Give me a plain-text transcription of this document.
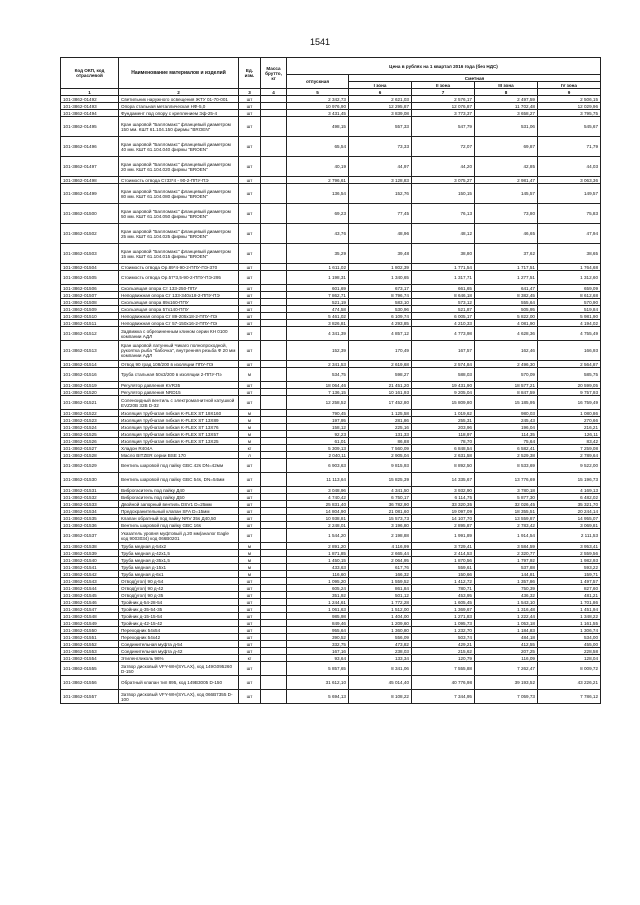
1541
Код ОКП, код отраслевой	Наименование материалов и изделий	Ед. изм.	Масса брутто, кг	Цена в рублях на 1 квартал 2016 года (без НДС)				
				отпускная	Сметная			
					I зона	II зона	III зона	IV зона
1	2	3	4	5	6	7	8	9
101-3862-01492	Светильник наружного освещения ЖТУ 01-70-001	шт		2 342,73	2 621,03	2 576,17	2 497,59	2 506,15
101-3862-01493	Опора стальная металлическая НФ-5,0	шт		10 976,90	12 295,87	12 076,87	11 702,48	12 029,96
101-3862-01494	Фундамент под опору с креплением Эф-25-4	шт		3 431,45	3 839,08	3 773,37	3 658,27	3 795,75
101-3862-01495	Кран шаровой "Балломакс" фланцевый диаметром 150 мм. КШТ 61.104.150 фирмы "BROEN"	шт		498,15	557,33	547,79	531,06	545,67
101-3862-01496	Кран шаровой "Балломакс" фланцевый диаметром 40 мм. КШТ 61.104.040 фирмы "BROEN"	шт		65,54	73,33	72,07	69,87	71,79
101-3862-01497	Кран шаровой "Балломакс" фланцевый диаметром 20 мм. КШТ 61.104.020 фирмы "BROEN"	шт		40,19	44,97	44,20	42,85	44,03
101-3862-01498	Стоимость отвода Ст33*4 - 90-2-ППУ-ПЭ	шт		2 796,61	3 128,83	3 075,27	2 981,47	3 063,36
101-3862-01499	Кран шаровой "Балломакс" фланцевый диаметром 80 мм. КШТ 61.104.080 фирмы "BROEN"	шт		136,54	152,76	150,15	145,57	149,57
101-3862-01500	Кран шаровой "Балломакс" фланцевый диаметром 50 мм. КШТ 61.104.050 фирмы "BROEN"	шт		69,23	77,45	76,13	73,80	75,83
101-3862-01502	Кран шаровой "Балломакс" фланцевый диаметром 25 мм. КШТ 61.104.025 фирмы "BROEN"	шт		43,76	48,96	48,12	46,65	47,94
101-3862-01503	Кран шаровой "Балломакс" фланцевый диаметром 15 мм. КШТ 61.104.015 фирмы "BROEN"	шт		35,29	39,48	38,80	37,62	38,65
101-3862-01504	Стоимость отвода Ор.89*4-90-2-ППУ-ПЭ-370	шт		1 611,02	1 802,39	1 771,54	1 717,51	1 764,68
101-3862-01505	Стоимость отвода Ор.57*3,5-90-2-ППУ-ПЭ-295	шт		1 198,31	1 340,65	1 317,71	1 277,51	1 312,60
101-3862-01506	Скользящая опора Ст 133-250-ППУ	шт		601,69	673,17	661,65	641,47	659,09
101-3862-01507	Неподвижная опора Ст 133-340x18-2-ППУ-ПЭ	шт		7 862,71	8 796,74	8 646,18	8 382,45	8 612,68
101-3862-01508	Скользящая опора 89x160-ППУ	шт		521,19	583,10	573,12	555,64	570,90
101-3862-01509	Скользящая опора 57x140-ППУ	шт		474,58	530,96	521,87	505,95	519,84
101-3862-01510	Неподвижная опора Ст 89-205x18-2-ППУ-ПЭ	шт		5 461,02	6 109,74	6 005,17	5 822,00	5 981,90
101-3862-01511	Неподвижная опора Ст 57-150x16-2-ППУ-ПЭ	шт		3 826,81	4 293,85	4 210,33	4 081,90	4 194,02
101-3862-01512	Задвижка с обрезиненным клином серии КН 0100 компании АДЛ	шт		4 341,39	4 857,12	4 773,98	4 628,36	4 755,49
101-3862-01513	Кран шаровой латунный Чикаго полнопроходной, рукоятка рыба "бабочка", внутренняя резьба Ф 20 мм компании АДЛ	шт		152,39	170,49	167,57	162,46	166,93
101-3862-01514	Отвод 90 град 108/200 в изоляции ППУ-ПЭ	шт		2 341,53	2 619,68	2 574,84	2 496,30	2 564,87
101-3862-01516	Труба стальная 50x3/200 в изоляции 2-ППУ-Пэ	м		534,75	598,27	588,03	570,09	585,75
101-3862-01519	Регулятор давления KVR35	шт		18 064,46	21 451,20	19 431,90	18 577,21	20 599,05
101-3862-01520	Регулятор давления NRD15	шт		7 136,15	10 161,93	9 205,04	8 847,59	9 757,93
101-3862-01521	Соленоидный вентиль с электромагнитной катушкой EVZ20B 32B D-32	шт		12 258,52	17 452,80	15 809,80	15 185,95	16 759,49
101-3862-01522	Изоляция трубчатая гибкая K-FLEX ST 19X160	м		790,45	1 125,58	1 019,62	980,03	1 080,86
101-3862-01523	Изоляция трубчатая гибкая K-FLEX ST 13X89	м		197,95	281,86	255,31	245,43	270,66
101-3862-01524	Изоляция трубчатая гибкая K-FLEX ST 13X76	м		158,12	225,16	203,96	196,04	216,21
101-3862-01525	Изоляция трубчатая гибкая K-FLEX ST 13X57	м		92,23	131,33	118,97	114,35	126,11
101-3862-01526	Изоляция трубчатая гибкая K-FLEX ST 13X25	м		61,01	86,88	78,70	75,64	83,42
101-3862-01527	Хладон R404A	кг		5 309,13	7 560,09	6 848,54	6 582,41	7 259,08
101-3862-01528	Масло BITZER серии BSE 170	л		2 040,11	2 905,04	2 631,58	2 529,38	2 789,64
101-3862-01529	Вентиль шаровой под пайку GBC 42s DN=42мм	шт		6 903,63	9 815,93	8 892,50	8 533,69	9 522,00
101-3862-01530	Вентиль шаровой под пайку GBC 54s, DN=54мм	шт		11 113,64	15 825,39	14 335,67	13 776,69	15 196,73
101-3862-01531	Виброгаситель под пайку Д40	шт		3 048,96	4 341,50	3 932,90	3 780,18	4 169,13
101-3862-01532	Виброгаситель под пайку Д50	шт		4 740,42	6 750,17	6 114,75	5 877,30	6 482,02
101-3862-01533	Двойной запорный вентиль DSV1 D=25мм	шт		25 831,40	36 782,90	33 320,35	32 026,45	35 321,70
101-3862-01534	Предохранительный клапан SFA D=15мм	шт		14 804,90	21 081,60	19 097,09	18 355,51	20 244,14
101-3862-01535	Клапан обратный под пайку NRV 35s Д40,50	шт		10 938,81	15 573,73	14 107,70	13 559,87	14 955,07
101-3862-01536	Вентиль шаровой под пайку GBC 16s	шт		2 248,01	3 196,80	2 895,87	2 783,42	3 069,81
101-3862-01537	Указатель уровня муфтовый д.20 мм(аналог Eagle код 9003034) код 066B0201	шт		1 544,20	2 198,88	1 991,89	1 914,54	2 111,53
101-3862-01538	Труба медная д-54x2	м		2 891,20	4 116,99	3 729,41	3 584,59	3 953,41
101-3862-01539	Труба медная д-42x1,5	м		1 871,85	2 665,44	2 414,53	2 320,77	2 559,56
101-3862-01540	Труба медная д-35x1,5	м		1 450,15	2 064,95	1 870,56	1 797,92	1 982,93
101-3862-01541	Труба медная д-15x1	м		433,63	617,76	559,61	537,88	593,22
101-3862-01542	Труба медная д-6x1	м		116,60	166,32	150,66	144,81	159,71
101-3862-01543	Отвод(угол) 90 д-54	шт		1 095,20	1 559,52	1 412,72	1 357,86	1 497,57
101-3862-01544	Отвод(угол) 90 д-42	шт		605,24	861,84	780,71	750,39	827,60
101-3862-01545	Отвод(угол) 90 д-35	шт		351,92	501,12	453,95	436,32	481,21
101-3862-01546	Тройник д-54-28-54	шт		1 244,61	1 772,28	1 605,45	1 543,10	1 701,86
101-3862-01547	Тройник д-35-54-35	шт		1 061,63	1 512,00	1 369,67	1 316,48	1 451,94
101-3862-01548	Тройник д-15-15-54	шт		985,98	1 404,00	1 271,83	1 222,44	1 348,22
101-3862-01549	Тройник д-42-15-42	шт		849,46	1 209,60	1 095,73	1 053,18	1 161,55
101-3862-01550	Переходник 54x54	шт		955,64	1 360,80	1 232,70	1 184,83	1 306,74
101-3862-01551	Переходник 54x42	шт		390,52	556,09	503,74	484,18	534,00
101-3862-01552	Соединительная муфта д-54	шт		332,75	473,82	429,21	412,55	455,00
101-3862-01553	Соединительная муфта д-42	шт		167,16	238,03	215,62	207,25	228,58
101-3862-01554	Этиленгликоль 96%	кг		93,64	133,34	120,79	116,09	128,04
101-3862-01555	Затвор дисковый VFY-WH(SYLAX), код 149G095260 D-150	шт		5 857,65	8 341,06	7 555,88	7 262,47	8 009,72
101-3862-01556	Обратный клапан тип 895, код 149B3005 D-150	шт		31 612,10	45 014,40	40 776,98	39 193,52	43 226,21
101-3862-01557	Затвор дисковый VFY-WH(SYLAX), код 066B7355 D-100	шт		5 694,13	8 108,22	7 344,95	7 059,73	7 786,12
